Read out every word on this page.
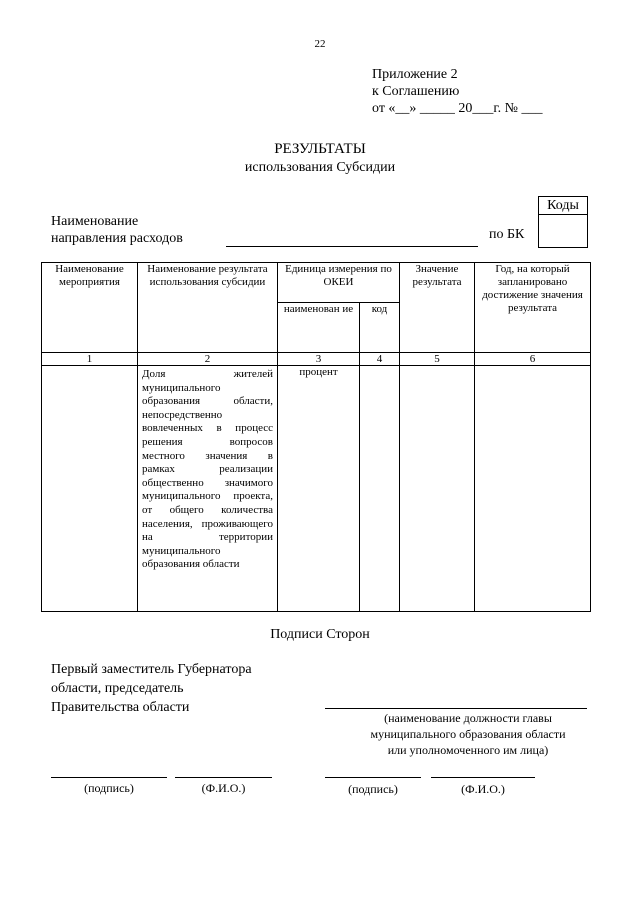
22
Приложение 2
к Соглашению
от «__» _____ 20___г. № ___
РЕЗУЛЬТАТЫ
использования Субсидии
Коды
Наименование
направления расходов	по БК
Наименование мероприятия	Наименование результата использования субсидии	Единица измерения по ОКЕИ		Значение результата	Год, на который запланировано достижение значения результата
		наименован ие	код		
1	2	3	4	5	6
	Доля жителей муниципального образования области, непосредственно вовлеченных в процесс решения вопросов местного значения в рамках реализации общественно значимого муниципального проекта, от общего количества населения, проживающего на территории муниципального образования области	процент			
Подписи Сторон
Первый заместитель Губернатора
области, председатель
Правительства области
(наименование должности главы
муниципального образования области
или уполномоченного им лица)
(подпись)	(Ф.И.О.)	(подпись)	(Ф.И.О.)
